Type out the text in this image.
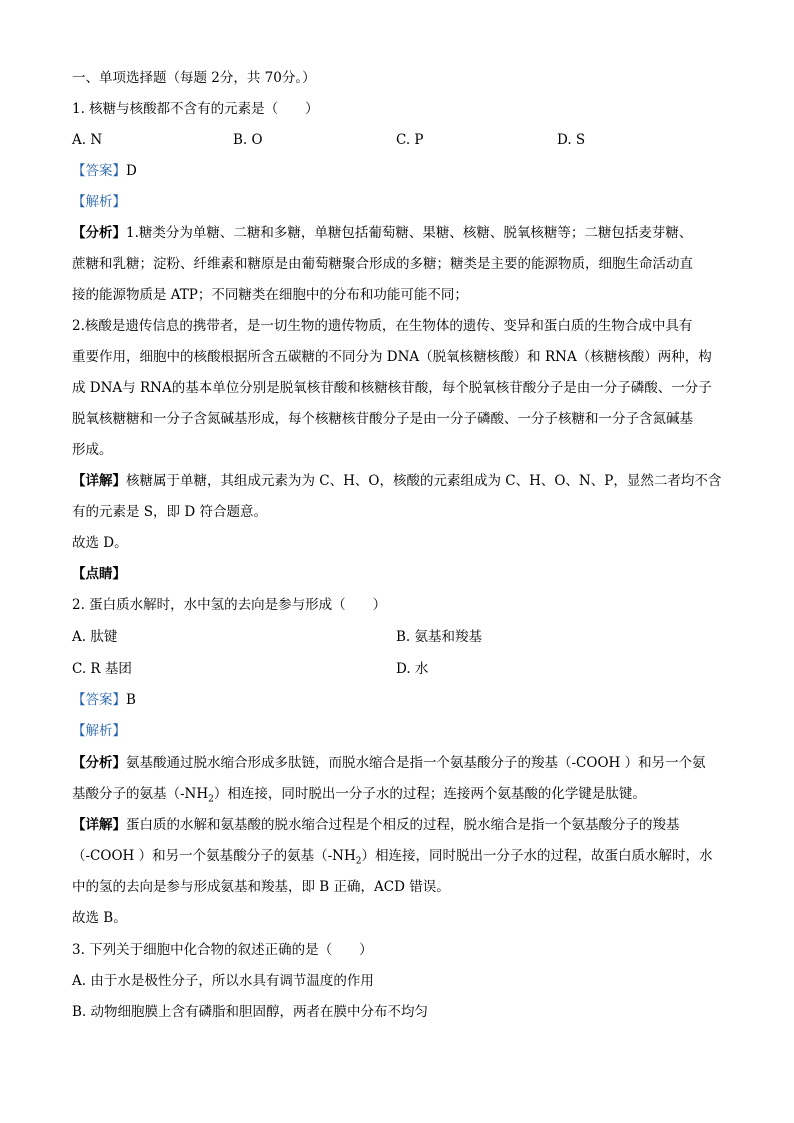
一、单项选择题（每题 2分，共 70分。）
1. 核糖与核酸都不含有的元素是（　　）
A. N	B. O	C. P	D. S
【答案】D
【解析】
【分析】1.糖类分为单糖、二糖和多糖，单糖包括葡萄糖、果糖、核糖、脱氧核糖等；二糖包括麦芽糖、
蔗糖和乳糖；淀粉、纤维素和糖原是由葡萄糖聚合形成的多糖；糖类是主要的能源物质，细胞生命活动直
接的能源物质是 ATP；不同糖类在细胞中的分布和功能可能不同；
2.核酸是遗传信息的携带者，是一切生物的遗传物质，在生物体的遗传、变异和蛋白质的生物合成中具有
重要作用，细胞中的核酸根据所含五碳糖的不同分为 DNA（脱氧核糖核酸）和 RNA（核糖核酸）两种，构
成 DNA与 RNA的基本单位分别是脱氧核苷酸和核糖核苷酸，每个脱氧核苷酸分子是由一分子磷酸、一分子
脱氧核糖糖和一分子含氮碱基形成，每个核糖核苷酸分子是由一分子磷酸、一分子核糖和一分子含氮碱基
形成。
【详解】核糖属于单糖，其组成元素为为 C、H、O，核酸的元素组成为 C、H、O、N、P，显然二者均不含
有的元素是 S，即 D 符合题意。
故选 D。
【点睛】
2. 蛋白质水解时，水中氢的去向是参与形成（　　）
A. 肽键	B. 氨基和羧基
C. R 基团	D. 水
【答案】B
【解析】
【分析】氨基酸通过脱水缩合形成多肽链，而脱水缩合是指一个氨基酸分子的羧基（-COOH ）和另一个氨
基酸分子的氨基$(-NH_2)$相连接，同时脱出一分子水的过程；连接两个氨基酸的化学键是肽键。
【详解】蛋白质的水解和氨基酸的脱水缩合过程是个相反的过程，脱水缩合是指一个氨基酸分子的羧基
（-COOH ）和另一个氨基酸分子的氨基$(-NH_2)$相连接，同时脱出一分子水的过程，故蛋白质水解时，水
中的氢的去向是参与形成氨基和羧基，即 B 正确，ACD 错误。
故选 B。
3. 下列关于细胞中化合物的叙述正确的是（　　）
A. 由于水是极性分子，所以水具有调节温度的作用
B. 动物细胞膜上含有磷脂和胆固醇，两者在膜中分布不均匀
